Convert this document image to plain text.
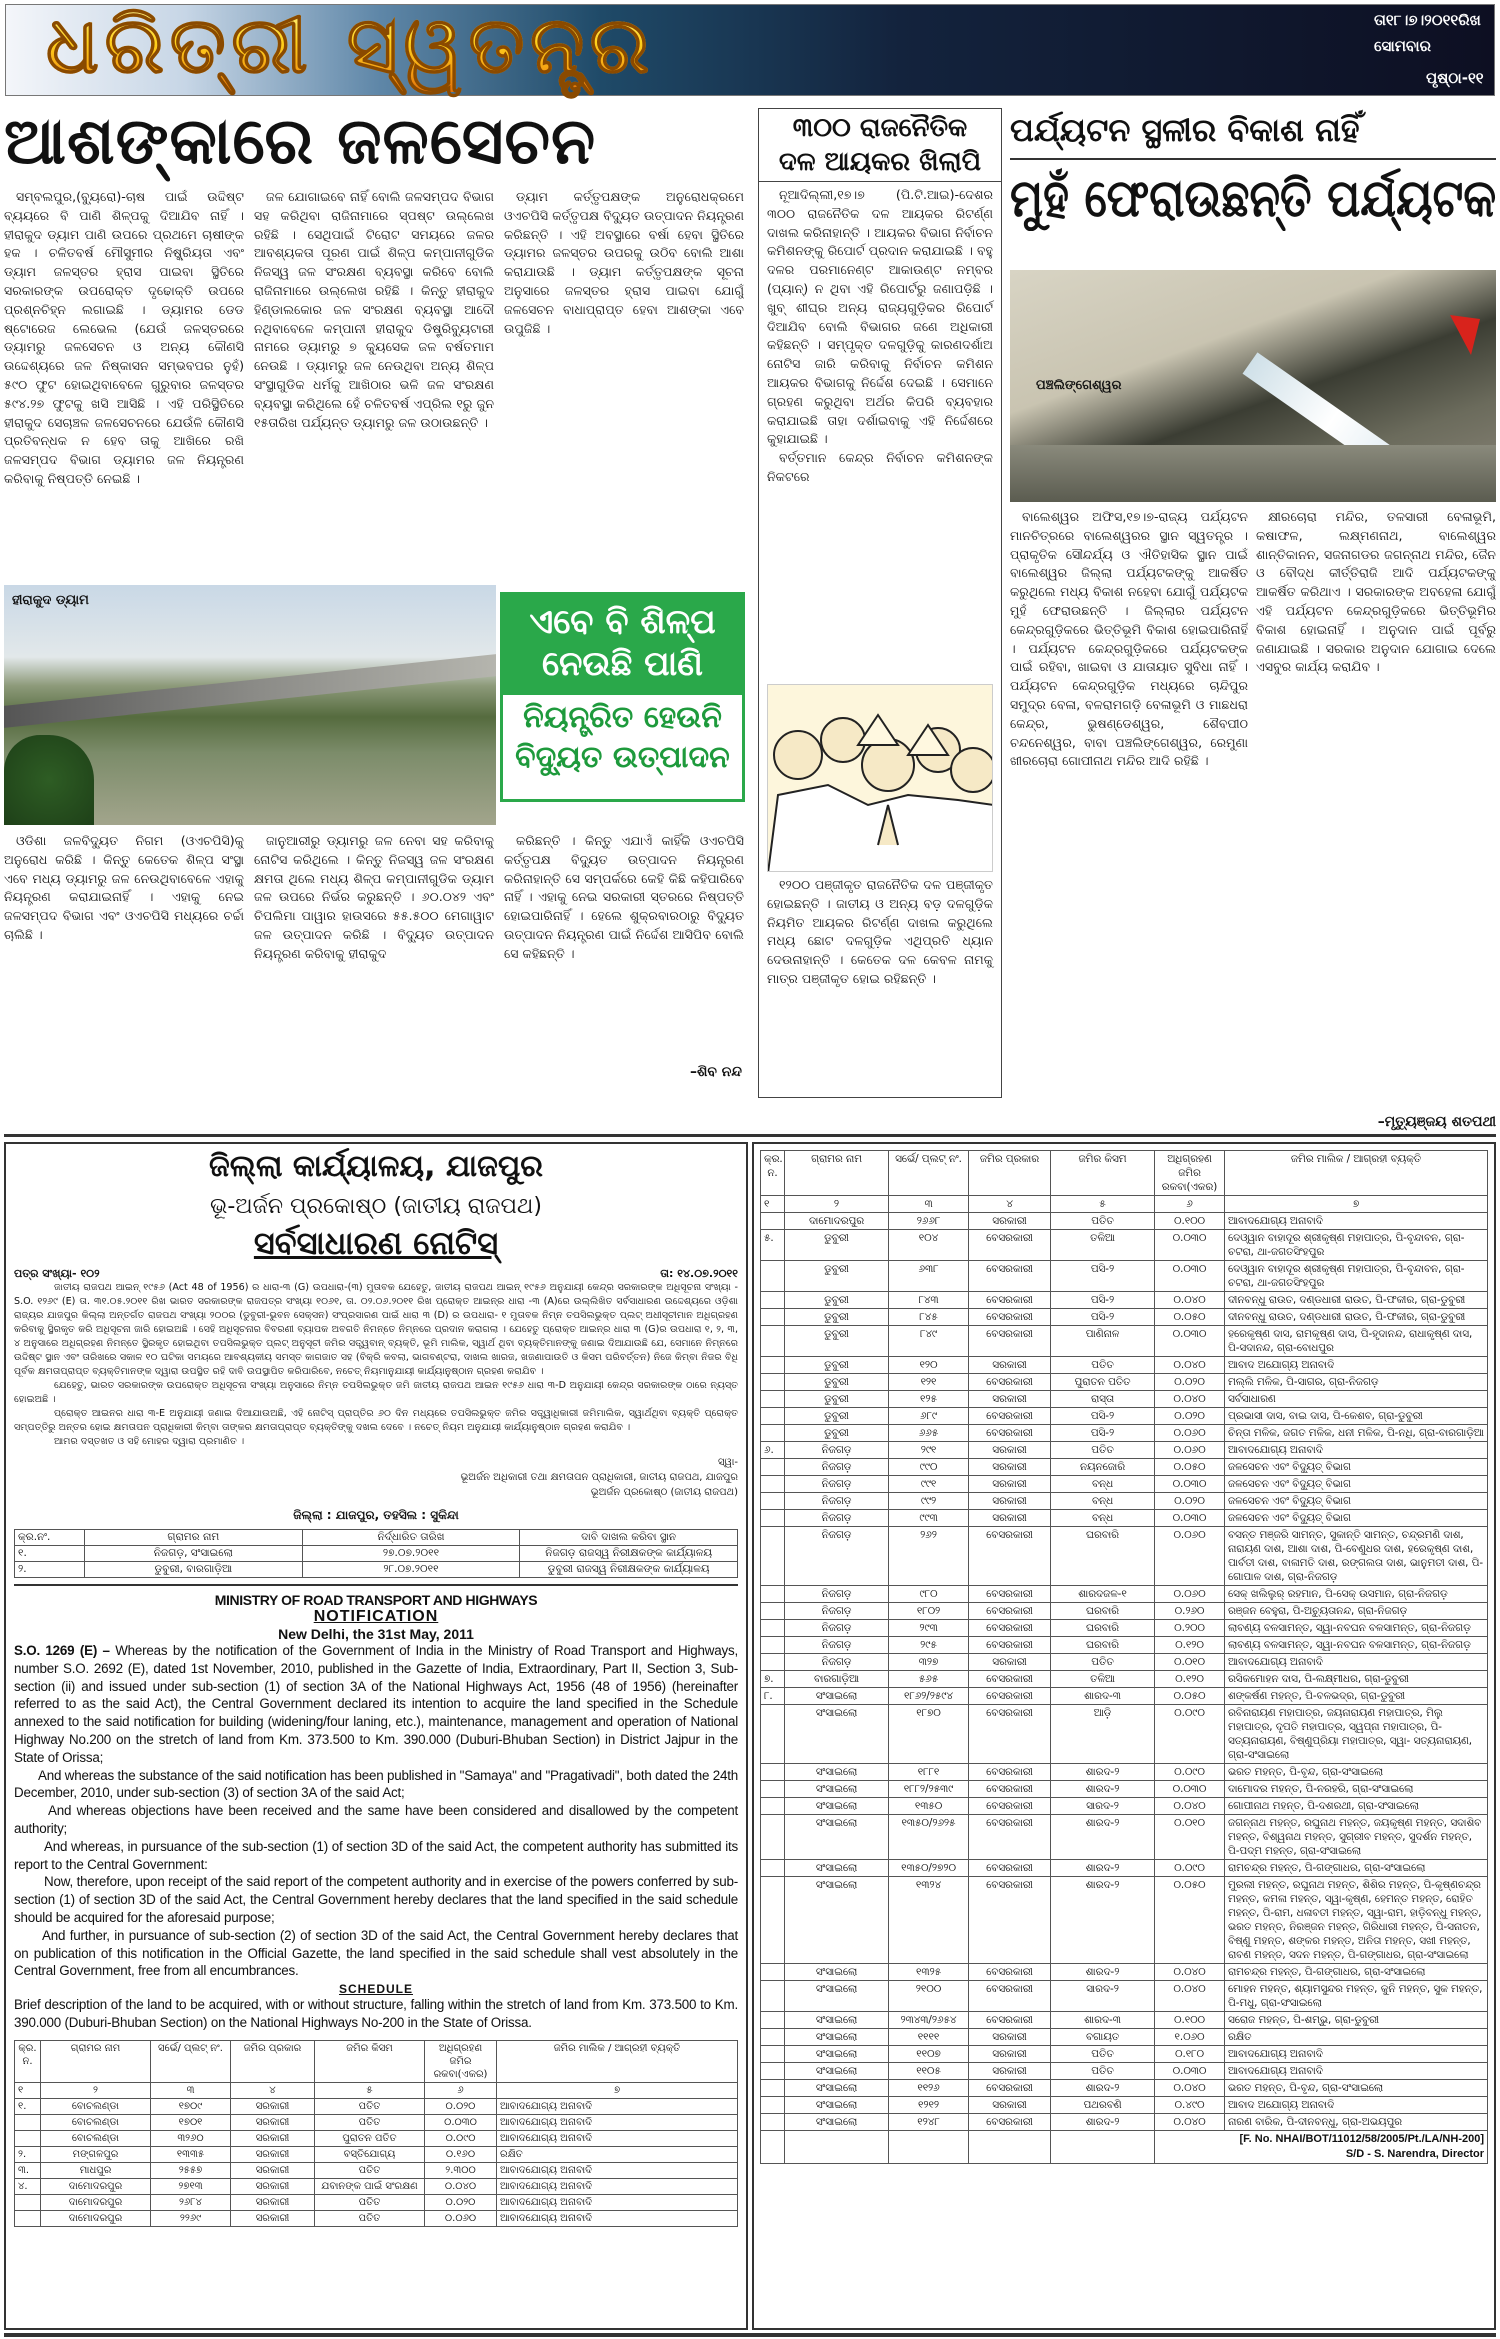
ଧରିତ୍ରୀ ସ୍ୱତନ୍ତ୍ର	ତା୧୮।୭।୨୦୧୧ରିଖ
ସୋମବାର
ପୃଷ୍ଠା-୧୧
ଆଶଙ୍କାରେ ଜଳସେଚନ

ସମ୍ବଲପୁର,(ବ୍ୟୁରୋ)-ଚାଷ ପାଇଁ ଉଦ୍ଦିଷ୍ଟ ବ୍ୟୟରେ ବି ପାଣି ଶିଳ୍ପକୁ ଦିଆଯିବ ନାହିଁ । ହୀରାକୁଦ ଡ୍ୟାମ ପାଣି ଉପରେ ପ୍ରଥମେ ଚାଷୀଙ୍କ ହକ । ଚଳିତବର୍ଷ ମୌସୁମୀର ନିଷ୍କ୍ରିୟତା ଏବଂ ଡ୍ୟାମ ଜଳସ୍ତର ହ୍ରାସ ପାଇବା ସ୍ଥିତିରେ ସରକାରଙ୍କ ଉପରୋକ୍ତ ଦୃଢୋକ୍ତି ଉପରେ ପ୍ରଶ୍ନଚିହ୍ନ ଲଗାଇଛି । ଡ୍ୟାମର ଡେଡ ଷ୍ଟୋରେଜ ଲେଭେଲ (ଯେଉଁ ଜଳସ୍ତରରେ ଡ୍ୟାମରୁ ଜଳସେଚନ ଓ ଅନ୍ୟ କୌଣସି ଉଦ୍ଦେଶ୍ୟରେ ଜଳ ନିଷ୍କାସନ ସମ୍ଭବପର ନୁହଁ) ୫୯୦ ଫୁଟ ହୋଇଥିବାବେଳେ ଗୁରୁବାର ଜଳସ୍ତର ୫୯୪.୨୭ ଫୁଟକୁ ଖସି ଆସିଛି । ଏହି ପରିସ୍ଥିତିରେ ହୀରାକୁଦ ସେଚାଞ୍ଚଳ ଜଳସେଚନରେ ଯେଉଁଳି କୌଣସି ପ୍ରତିବନ୍ଧକ ନ ହେବ ତାକୁ ଆଖିରେ ରଖି ଜଳସମ୍ପଦ ବିଭାଗ ଡ୍ୟାମର ଜଳ ନିୟନ୍ତ୍ରଣ କରିବାକୁ ନିଷ୍ପତ୍ତି ନେଇଛି ।

ଜଳ ଯୋଗାଇବେ ନାହିଁ ବୋଲି ଜଳସମ୍ପଦ ବିଭାଗ ସହ କରିଥିବା ରାଜିନାମାରେ ସ୍ପଷ୍ଟ ଉଲ୍ଲେଖ ରହିଛି । ସେଥିପାଇଁ ଟିରୋଟ ସମୟରେ ଜଳର ଆବଶ୍ୟକତା ପୂରଣ ପାଇଁ ଶିଳ୍ପ କମ୍ପାନୀଗୁଡିକ ନିଜସ୍ୱ ଜଳ ସଂରକ୍ଷଣ ବ୍ୟବସ୍ଥା କରିବେ ବୋଲି ରାଜିନାମାରେ ଉଲ୍ଲେଖ ରହିଛି । କିନ୍ତୁ ହୀରାକୁଦ ହିଣ୍ଡାଲକୋର ଜଳ ସଂରକ୍ଷଣ ବ୍ୟବସ୍ଥା ଆଦୌ ନଥିବାବେଳେ କମ୍ପାନୀ ହୀରାକୁଦ ଡିଷ୍ଟ୍ରିବ୍ୟୁଟାରୀ ନାମରେ ଡ୍ୟାମରୁ ୭ କ୍ୟୁସେକ ଜଳ ବର୍ଷତମାମ ନେଉଛି । ଡ୍ୟାମରୁ ଜଳ ନେଉଥିବା ଅନ୍ୟ ଶିଳ୍ପ ସଂସ୍ଥାଗୁଡିକ ଧର୍ମକୁ ଆଖିଠାର ଭଳି ଜଳ ସଂରକ୍ଷଣ ବ୍ୟବସ୍ଥା କରିଥିଲେ ହେଁ ଚଳିତବର୍ଷ ଏପ୍ରିଲ ୧ରୁ ଜୁନ ୧୫ତାରିଖ ପର୍ଯ୍ୟନ୍ତ ଡ୍ୟାମରୁ ଜଳ ଉଠାଉଛନ୍ତି ।

ଡ୍ୟାମ କର୍ତ୍ତୃପକ୍ଷଙ୍କ ଅନୁରୋଧକ୍ରମେ ଓଏଚପିସି କର୍ତ୍ତୃପକ୍ଷ ବିଦ୍ୟୁତ ଉତ୍ପାଦନ ନିୟନ୍ତ୍ରଣ କରିଛନ୍ତି । ଏହି ଅବସ୍ଥାରେ ବର୍ଷା ହେବା ସ୍ଥିତିରେ ଡ୍ୟାମର ଜଳସ୍ତର ଉପରକୁ ଉଠିବ ବୋଲି ଆଶା କରାଯାଉଛି । ଡ୍ୟାମ କର୍ତ୍ତୃପକ୍ଷଙ୍କ ସୂଚନା ଅନୁସାରେ ଜଳସ୍ତର ହ୍ରାସ ପାଇବା ଯୋଗୁଁ ଜଳସେଚନ ବାଧାପ୍ରାପ୍ତ ହେବା ଆଶଙ୍କା ଏବେ ଉପୁଜିଛି ।

ହୀରାକୁଦ ଡ୍ୟାମ
ଏବେ ବି ଶିଳ୍ପ
ନେଉଛି ପାଣି
ନିୟନ୍ତ୍ରିତ ହେଉନି
ବିଦ୍ୟୁତ ଉତ୍ପାଦନ

ଓଡିଶା ଜଳବିଦ୍ୟୁତ ନିଗମ (ଓଏଚପିସି)କୁ ଅନୁରୋଧ କରିଛି । କିନ୍ତୁ କେତେକ ଶିଳ୍ପ ସଂସ୍ଥା ଏବେ ମଧ୍ୟ ଡ୍ୟାମରୁ ଜଳ ନେଉଥିବାବେଳେ ଏହାକୁ ନିୟନ୍ତ୍ରଣ କରାଯାଇନାହିଁ । ଏହାକୁ ନେଇ ଜଳସମ୍ପଦ ବିଭାଗ ଏବଂ ଓଏଚପିସି ମଧ୍ୟରେ ଚର୍ଚ୍ଚା ଚାଲିଛି ।

ଜାନୁଆରୀରୁ ଡ୍ୟାମରୁ ଜଳ ନେବା ସହ କରିବାକୁ ନୋଟିସ କରିଥିଲେ । କିନ୍ତୁ ନିଜସ୍ୱ ଜଳ ସଂରକ୍ଷଣ କ୍ଷମତା ଥିଲେ ମଧ୍ୟ ଶିଳ୍ପ କମ୍ପାନୀଗୁଡିକ ଡ୍ୟାମ ଜଳ ଉପରେ ନିର୍ଭର କରୁଛନ୍ତି । ୬୦.୦୪୨ ଏବଂ ଚିପଲିମା ପାୱାର ହାଉସରେ ୫୫.୫୦୦ ମେଗାୱାଟ ଜଳ ଉତ୍ପାଦନ କରିଛି । ବିଦ୍ୟୁତ ଉତ୍ପାଦନ ନିୟନ୍ତ୍ରଣ କରିବାକୁ ହୀରାକୁଦ

କରିଛନ୍ତି । କିନ୍ତୁ ଏଯାଏଁ କାହିଁକି ଓଏଚପିସି କର୍ତ୍ତୃପକ୍ଷ ବିଦ୍ୟୁତ ଉତ୍ପାଦନ ନିୟନ୍ତ୍ରଣ କରିନାହାନ୍ତି ସେ ସମ୍ପର୍କରେ କେହି କିଛି କହିପାରିବେ ନାହିଁ । ଏହାକୁ ନେଇ ସରକାରୀ ସ୍ତରରେ ନିଷ୍ପତ୍ତି ହୋଇପାରିନାହିଁ । ହେଲେ ଶୁକ୍ରବାରଠାରୁ ବିଦ୍ୟୁତ ଉତ୍ପାଦନ ନିୟନ୍ତ୍ରଣ ପାଇଁ ନିର୍ଦ୍ଦେଶ ଆସିପିବ ବୋଲି ସେ କହିଛନ୍ତି ।

–ଶିବ ନନ୍ଦ
୩୦୦ ରାଜନୈତିକ
ଦଳ ଆୟକର ଖିଲାପି

ନୂଆଦିଲ୍ଲୀ,୧୭।୭ (ପି.ଟି.ଆଇ)-ଦେଶର ୩୦୦ ରାଜନୈତିକ ଦଳ ଆୟକର ରିଟର୍ଣ୍ଣ ଦାଖଲ କରିନାହାନ୍ତି । ଆୟକର ବିଭାଗ ନିର୍ବାଚନ କମିଶନଙ୍କୁ ରିପୋର୍ଟ ପ୍ରଦାନ କରାଯାଇଛି । ବହୁ ଦଳର ପରମାନେଣ୍ଟ ଆକାଉଣ୍ଟ ନମ୍ବର (ପ୍ୟାନ୍) ନ ଥିବା ଏହି ରିପୋର୍ଟରୁ ଜଣାପଡ଼ିଛି । ଖୁବ୍ ଶୀଘ୍ର ଅନ୍ୟ ରାଜ୍ୟଗୁଡ଼ିକର ରିପୋର୍ଟ ଦିଆଯିବ ବୋଲି ବିଭାଗର ଜଣେ ଅଧିକାରୀ କହିଛନ୍ତି । ସମ୍ପୃକ୍ତ ଦଳଗୁଡ଼ିକୁ କାରଣଦର୍ଶାଅ ନୋଟିସ ଜାରି କରିବାକୁ ନିର୍ବାଚନ କମିଶନ ଆୟକର ବିଭାଗକୁ ନିର୍ଦ୍ଦେଶ ଦେଇଛି । ସେମାନେ ଗ୍ରହଣ କରୁଥିବା ଅର୍ଥର କିପରି ବ୍ୟବହାର କରାଯାଇଛି ତାହା ଦର୍ଶାଇବାକୁ ଏହି ନିର୍ଦ୍ଦେଶରେ କୁହାଯାଇଛି ।

ବର୍ତ୍ତମାନ କେନ୍ଦ୍ର ନିର୍ବାଚନ କମିଶନଙ୍କ ନିକଟରେ

୧୨୦୦ ପଞ୍ଜୀକୃତ ରାଜନୈତିକ ଦଳ ପଞ୍ଜୀକୃତ ହୋଇଛନ୍ତି । ଜାତୀୟ ଓ ଅନ୍ୟ ବଡ଼ ଦଳଗୁଡ଼ିକ ନିୟମିତ ଆୟକର ରିଟର୍ଣ୍ଣ ଦାଖଲ କରୁଥିଲେ ମଧ୍ୟ ଛୋଟ ଦଳଗୁଡ଼ିକ ଏଥିପ୍ରତି ଧ୍ୟାନ ଦେଉନାହାନ୍ତି । କେତେକ ଦଳ କେବଳ ନାମକୁ ମାତ୍ର ପଞ୍ଜୀକୃତ ହୋଇ ରହିଛନ୍ତି ।

ପର୍ଯ୍ୟଟନ ସ୍ଥଳୀର ବିକାଶ ନାହିଁ
ମୁହଁ ଫେରାଉଛନ୍ତି ପର୍ଯ୍ୟଟକ
ପଞ୍ଚଲିଙ୍ଗେଶ୍ୱର

ବାଲେଶ୍ୱର ଅଫିସ,୧୭।୭-ରାଜ୍ୟ ପର୍ଯ୍ୟଟନ ମାନଚିତ୍ରରେ ବାଲେଶ୍ୱରର ସ୍ଥାନ ସ୍ୱତନ୍ତ୍ର । ପ୍ରାକୃତିକ ସୌନ୍ଦର୍ଯ୍ୟ ଓ ଐତିହାସିକ ସ୍ଥାନ ପାଇଁ ବାଲେଶ୍ୱର ଜିଲ୍ଲା ପର୍ଯ୍ୟଟକଙ୍କୁ ଆକର୍ଷିତ କରୁଥିଲେ ମଧ୍ୟ ବିକାଶ ନହେବା ଯୋଗୁଁ ପର୍ଯ୍ୟଟକ ମୁହଁ ଫେରାଉଛନ୍ତି । ଜିଲ୍ଲାର ପର୍ଯ୍ୟଟନ କେନ୍ଦ୍ରଗୁଡ଼ିକରେ ଭିତ୍ତିଭୂମି ବିକାଶ ହୋଇପାରିନାହିଁ । ପର୍ଯ୍ୟଟନ କେନ୍ଦ୍ରଗୁଡ଼ିକରେ ପର୍ଯ୍ୟଟକଙ୍କ ପାଇଁ ରହିବା, ଖାଇବା ଓ ଯାତାୟାତ ସୁବିଧା ନାହିଁ । ପର୍ଯ୍ୟଟନ କେନ୍ଦ୍ରଗୁଡ଼ିକ ମଧ୍ୟରେ ଚାନ୍ଦିପୁର ସମୁଦ୍ର ବେଳା, ବଳରାମଗଡ଼ି ବେଳାଭୂମି ଓ ମାଛଧରା କେନ୍ଦ୍ର, ଭୁଷଣ୍ଡେଶ୍ୱର, ଶୈବପୀଠ ଚନ୍ଦନେଶ୍ୱର, ବାବା ପଞ୍ଚଲିଙ୍ଗେଶ୍ୱର, ରେମୁଣା ଖୀରଚୋରା ଗୋପୀନାଥ ମନ୍ଦିର ଆଦି ରହିଛି ।

କ୍ଷୀରଚୋରା ମନ୍ଦିର, ତଳସାରୀ ବେଳାଭୂମି, କଷାଫଳ, ଲକ୍ଷ୍ମଣନାଥ, ବାଲେଶ୍ୱର ଶାନ୍ତିକାନନ, ସଜନାଗଡର ଜଗନ୍ନାଥ ମନ୍ଦିର, ଜୈନ ଓ ବୌଦ୍ଧ କୀର୍ତ୍ତିରାଜି ଆଦି ପର୍ଯ୍ୟଟକଙ୍କୁ ଆକର୍ଷିତ କରିଥାଏ । ସରକାରଙ୍କ ଅବହେଳା ଯୋଗୁଁ ଏହି ପର୍ଯ୍ୟଟନ କେନ୍ଦ୍ରଗୁଡ଼ିକରେ ଭିତ୍ତିଭୂମିର ବିକାଶ ହୋଇନାହିଁ । ଅନୁଦାନ ପାଇଁ ପୂର୍ବରୁ ଜଣାଯାଇଛି । ସରକାର ଅନୁଦାନ ଯୋଗାଇ ଦେଲେ ଏସବୁର କାର୍ଯ୍ୟ କରାଯିବ ।

–ମୃତ୍ୟୁଞ୍ଜୟ ଶତପଥୀ
ଜିଲ୍ଲା କାର୍ଯ୍ୟାଳୟ, ଯାଜପୁର
ଭୂ-ଅର୍ଜନ ପ୍ରକୋଷ୍ଠ (ଜାତୀୟ ରାଜପଥ)
ସର୍ବସାଧାରଣ ନୋଟିସ୍
ପତ୍ର ସଂଖ୍ୟା- ୧୦୨	ତା: ୧୪.୦୭.୨୦୧୧

ଜାତୀୟ ରାଜପଥ ଆଇନ୍ ୧୯୫୬ (Act 48 of 1956) ର ଧାରା-୩ (G) ଉପଧାରା-(୩) ମୁତାବକ ଯେହେତୁ, ଜାତୀୟ ରାଜପଥ ଆଇନ୍ ୧୯୫୬ ଅନୁଯାୟୀ କେନ୍ଦ୍ର ସରକାରଙ୍କ ଅଧିସୂଚନା ସଂଖ୍ୟା - S.O. ୧୨୬୯ (E) ତା. ୩୧.୦୫.୨୦୧୧ ରିଖ ଭାରତ ସରକାରଙ୍କ ରାଜପତ୍ର ସଂଖ୍ୟା ୧୦୬୧, ତା. ୦୨.୦୬.୨୦୧୧ ରିଖ ପ୍ରୋକ୍ତ ଆଇନ୍‌ର ଧାରା -୩ (A)ରେ ଉଲ୍ଲିଖିତ ସର୍ବସାଧାରଣ ଉଦ୍ଦେଶ୍ୟରେ ଓଡ଼ିଶା ରାଜ୍ୟର ଯାଜପୁର କିଲ୍ଲା ଅନ୍ତର୍ଗତ ରାଜପଥ ସଂଖ୍ୟା ୨୦୦ର (ଡୁବୁରୀ-ଭୁବନ ସେକ୍‌ସନ) ସଂପ୍ରସାରଣ ପାଇଁ ଧାରା ୩ (D) ର ଉପଧାରା- ୧ ମୁତାବକ ନିମ୍ନ ତପସିଲଭୁକ୍ତ ପ୍ଲଟ୍ ଅଧୀସୂଚୀମାନ ଅଧିଗ୍ରହଣ କରିବାକୁ ସ୍ଥିରକୃତ କରି ଅଧିସୂଚନା ଜାରି ହୋଇଅଛି । ସେହି ଅଧିସୂଚନାର ବିବରଣୀ ବ୍ୟାପକ ଅବଗତି ନିମନ୍ତେ ନିମ୍ନରେ ପ୍ରଦାନ କରାଗଲା । ଯେହେତୁ ପ୍ରୋକ୍ତ ଆଇନ୍‌ର ଧାରା ୩ (G)ର ଉପଧାରା ୧, ୨, ୩, ୪ ଅନୁସାରେ ଅଧିଗ୍ରହଣ ନିମନ୍ତେ ସ୍ଥିରକୃତ ହୋଇଥିବା ତପସିଲଭୁକ୍ତ ପ୍ଲଟ୍ ଅନୁସୂଚୀ ଜମିର ସତ୍ତ୍ୱବାନ୍ ବ୍ୟକ୍ତି, ଭୂମି ମାଲିକ, ସ୍ୱାର୍ଥ ଥିବା ବ୍ୟକ୍ତିମାନଙ୍କୁ ଜଣାଇ ଦିଆଯାଉଛି ଯେ, ସେମାନେ ନିମ୍ନରେ ଉଦ୍ଦିଷ୍ଟ ସ୍ଥାନ ଏବଂ ତାରିଖରେ ସକାଳ ୧୦ ଘଟିକା ସମୟରେ ଆବଶ୍ୟକୀୟ ସମସ୍ତ କାଗଜାତ ସହ (ବିକ୍ରି କବଲା, ଭାଗବଣ୍ଟରା, ଦାଖଲ ଖାରଜ, ଖଜଣାପାଉତି ଓ କିସମ ପରିବର୍ତ୍ତନ) ନିଜେ କିମ୍ବା ନିଜର ବିଧି ପୂର୍ବକ କ୍ଷମତାପ୍ରାପ୍ତ ବ୍ୟକ୍ତିମାନଙ୍କ ଦ୍ୱାରା ଉପସ୍ଥିତ ରହି ଦାବି ଉପସ୍ଥାପିତ କରିପାରିବେ, ନଚେତ୍ ନିୟମାନୁଯାୟୀ କାର୍ଯ୍ୟାନୁଷ୍ଠାନ ଗ୍ରହଣ କରାଯିବ ।

ଯେହେତୁ, ଭାରତ ସରକାରଙ୍କ ଉପରୋକ୍ତ ଅଧିସୂଚନା ସଂଖ୍ୟା ଅନୁସାରେ ନିମ୍ନ ତପସିଲଭୁକ୍ତ ଜମି ଜାତୀୟ ରାଜପଥ ଆଇନ ୧୯୫୬ ଧାରା ୩-D ଅନୁଯାୟୀ କେନ୍ଦ୍ର ସରକାରଙ୍କ ଠାରେ ନ୍ୟସ୍ତ ହୋଇଅଛି ।

ପ୍ରୋକ୍ତ ଆଇନର ଧାରା ୩-E ଅନୁଯାୟୀ ଜଣାଇ ଦିଆଯାଉଅଛି, ଏହି ନୋଟିସ୍ ପ୍ରାପ୍ତିର ୬୦ ଦିନ ମଧ୍ୟରେ ତପସିଲଭୁକ୍ତ ଜମିର ସତ୍ତ୍ୱାଧିକାରୀ ଜମିମାଲିକ, ସ୍ୱାର୍ଥଥିବା ବ୍ୟକ୍ତି ପ୍ରୋକ୍ତ ସମ୍ପତ୍ତିରୁ ଅନ୍ତର ହୋଇ କ୍ଷମତାପନ ପ୍ରାଧିକାରୀ କିମ୍ବା ତାଙ୍କର କ୍ଷମତାପ୍ରାପ୍ତ ବ୍ୟକ୍ତିଙ୍କୁ ଦଖଲ ଦେବେ । ନଚେତ୍ ନିୟମ ଅନୁଯାୟୀ କାର୍ଯ୍ୟାନୁଷ୍ଠାନ ଗ୍ରହଣ କରାଯିବ ।

ଆମର ଦସ୍ତଖତ ଓ ସହି ମୋହର ଦ୍ୱାରା ପ୍ରମାଣିତ ।

ସ୍ୱା-
ଭୂଅର୍ଜନ ଅଧିକାରୀ ତଥା କ୍ଷମତାପନ ପ୍ରାଧିକାରୀ, ଜାତୀୟ ରାଜପଥ, ଯାଜପୁର
ଭୂଅର୍ଜନ ପ୍ରକୋଷ୍ଠ (ଜାତୀୟ ରାଜପଥ)
ଜିଲ୍ଲା : ଯାଜପୁର, ତହସିଲ : ସୁକିନ୍ଦା
କ୍ର.ନଂ.	ଗ୍ରାମର ନାମ	ନିର୍ଦ୍ଧାରିତ ତାରିଖ	ଦାବି ଦାଖଲ କରିବା ସ୍ଥାନ
୧.	ନିଜଗଡ଼, ସଂସାଇଲୋ	୨୭.୦୭.୨୦୧୧	ନିଜଗଡ଼ ରାଜସ୍ୱ ନିରୀକ୍ଷକଙ୍କ କାର୍ଯ୍ୟାଳୟ
୨.	ଡୁବୁରୀ, ବାରଗାଡ଼ିଆ	୨୮.୦୭.୨୦୧୧	ଡୁବୁରୀ ରାଜସ୍ୱ ନିରୀକ୍ଷକଙ୍କ କାର୍ଯ୍ୟାଳୟ
MINISTRY OF ROAD TRANSPORT AND HIGHWAYS
NOTIFICATION
New Delhi, the 31st May, 2011

S.O. 1269 (E) – Whereas by the notification of the Government of India in the Ministry of Road Transport and Highways, number S.O. 2692 (E), dated 1st November, 2010, published in the Gazette of India, Extraordinary, Part II, Section 3, Sub-section (ii) and issued under sub-section (1) of section 3A of the National Highways Act, 1956 (48 of 1956) (hereinafter referred to as the said Act), the Central Government declared its intention to acquire the land specified in the Schedule annexed to the said notification for building (widening/four laning, etc.), maintenance, management and operation of National Highway No.200 on the stretch of land from Km. 373.500 to Km. 390.000 (Duburi-Bhuban Section) in District Jajpur in the State of Orissa;

And whereas the substance of the said notification has been published in "Samaya" and "Pragativadi", both dated the 24th December, 2010, under sub-section (3) of section 3A of the said Act;

And whereas objections have been received and the same have been considered and disallowed by the competent authority;

And whereas, in pursuance of the sub-section (1) of section 3D of the said Act, the competent authority has submitted its report to the Central Government:

Now, therefore, upon receipt of the said report of the competent authority and in exercise of the powers conferred by sub-section (1) of section 3D of the said Act, the Central Government hereby declares that the land specified in the said schedule should be acquired for the aforesaid purpose;

And further, in pursuance of sub-section (2) of section 3D of the said Act, the Central Government hereby declares that on publication of this notification in the Official Gazette, the land specified in the said schedule shall vest absolutely in the Central Government, free from all encumbrances.

SCHEDULE
Brief description of the land to be acquired, with or without structure, falling within the stretch of land from Km. 373.500 to Km. 390.000 (Duburi-Bhuban Section) on the National Highways No-200 in the State of Orissa.
କ୍ର. ନ.	ଗ୍ରାମର ନାମ	ସର୍ଭେ/ ପ୍ଲଟ୍ ନଂ.	ଜମିର ପ୍ରକାର	ଜମିର କିସମ	ଅଧିଗ୍ରହଣ ଜମିର ରକବା(ଏକର)	ଜମିର ମାଲିକ / ଆଗ୍ରହୀ ବ୍ୟକ୍ତି
୧	୨	୩	୪	୫	୬	୭
୧.	ବୋଚଲଣ୍ଡା	୧୭୦୯	ସରକାରୀ	ପତିତ	୦.୦୨୦	ଆବାଦଯୋଗ୍ୟ ଅନାବାଦି
	ବୋଚଲଣ୍ଡା	୧୭୦୧	ସରକାରୀ	ପତିତ	୦.୦୩୦	ଆବାଦଯୋଗ୍ୟ ଅନାବାଦି
	ବୋଚଲଣ୍ଡା	୩୨୬୦	ସରକାରୀ	ପୁରାତନ ପତିତ	୦.୦୯୦	ଆବାଦଯୋଗ୍ୟ ଅନାବାଦି
୨.	ମଙ୍ଗଳପୁର	୧୩୩୫	ସରକାରୀ	ବସ୍ତିଯୋଗ୍ୟ	୦.୧୬୦	ରକ୍ଷିତ
୩.	ମାଧପୁର	୨୫୫୭	ସରକାରୀ	ପତିତ	୨.୩୦୦	ଆବାଦଯୋଗ୍ୟ ଅନାବାଦି
୪.	ଦାମୋଦରପୁର	୨୭୧୩	ସରକାରୀ	ଯବାନଙ୍କ ପାଇଁ ସଂରକ୍ଷଣ	୦.୦୪୦	ଆବାଦଯୋଗ୍ୟ ଅନାବାଦି
	ଦାମୋଦରପୁର	୨୬୮୪	ସରକାରୀ	ପତିତ	୦.୦୨୦	ଆବାଦଯୋଗ୍ୟ ଅନାବାଦି
	ଦାମୋଦରପୁର	୨୨୬୯	ସରକାରୀ	ପତିତ	୦.୦୬୦	ଆବାଦଯୋଗ୍ୟ ଅନାବାଦି
କ୍ର. ନ.	ଗ୍ରାମର ନାମ	ସର୍ଭେ/ ପ୍ଲଟ୍ ନଂ.	ଜମିର ପ୍ରକାର	ଜମିର କିସମ	ଅଧିଗ୍ରହଣ ଜମିର ରକବା(ଏକର)	ଜମିର ମାଲିକ / ଆଗ୍ରହୀ ବ୍ୟକ୍ତି
୧	୨	୩	୪	୫	୬	୭
	ଦାମୋଦରପୁର	୨୬୬୮	ସରକାରୀ	ପତିତ	୦.୧୦୦	ଆବାଦଯୋଗ୍ୟ ଅନାବାଦି
୫.	ଡୁବୁରୀ	୧୦୪	ବେସରକାରୀ	ତଳିଆ	୦.୦୩୦	ଦେଓ୍ୱାନ ବାହାଦୂର ଶ୍ରୀକୃଷ୍ଣ ମହାପାତ୍ର, ପି-ବୃନ୍ଦାବନ, ଗ୍ରା-ଚଟରା, ଥା-ଜଗତସିଂହପୁର
	ଡୁବୁରୀ	୬୩୮	ବେସରକାରୀ	ପସି-୨	୦.୦୩୦	ଦେଓ୍ୱାନ ବାହାଦୂର ଶ୍ରୀକୃଷ୍ଣ ମହାପାତ୍ର, ପି-ବୃନ୍ଦାବନ, ଗ୍ରା-ଚଟରା, ଥା-ଜଗତସିଂହପୁର
	ଡୁବୁରୀ	୮୪୩	ବେସରକାରୀ	ପସି-୨	୦.୦୪୦	ଦୀନବନ୍ଧୁ ରାଉତ, ଦଣ୍ଡଧାରୀ ରାଉତ, ପି-ଫକୀର, ଗ୍ରା-ଡୁବୁରୀ
	ଡୁବୁରୀ	୮୪୫	ବେସରକାରୀ	ପସି-୨	୦.୦୫୦	ଦୀନବନ୍ଧୁ ରାଉତ, ଦଣ୍ଡଧାରୀ ରାଉତ, ପି-ଫକୀର, ଗ୍ରା-ଡୁବୁରୀ
	ଡୁବୁରୀ	୮୪୯	ବେସରକାରୀ	ପାଣିନାଳ	୦.୦୩୦	ହରେକୃଷ୍ଣ ଦାସ, ରାମକୃଷ୍ଣ ଦାସ, ପି-ହୃଦାନନ୍ଦ, ରାଧାକୃଷ୍ଣ ଦାସ, ପି-ସଦାନନ୍ଦ, ଗ୍ରା-ବୋଧପୁର
	ଡୁବୁରୀ	୧୨୦	ସରକାରୀ	ପତିତ	୦.୦୪୦	ଆବାଦ ଅଯୋଗ୍ୟ ଅନାବାଦି
	ଡୁବୁରୀ	୧୨୧	ବେସରକାରୀ	ପୁରାତନ ପତିତ	୦.୦୨୦	ମଲ୍ଲି ମଳିକ, ପି-ସାଗର, ଗ୍ରା-ନିଜଗଡ଼
	ଡୁବୁରୀ	୧୨୫	ସରକାରୀ	ରାସ୍ତା	୦.୦୪୦	ସର୍ବସାଧାରଣ
	ଡୁବୁରୀ	୬୮୯	ବେସରକାରୀ	ପସି-୨	୦.୦୨୦	ପ୍ରଭାସୀ ଦାସ, ବାଇ ଦାସ, ପି-କେଶବ, ଗ୍ରା-ଡୁବୁରୀ
	ଡୁବୁରୀ	୬୬୫	ବେସରକାରୀ	ପସି-୨	୦.୦୬୦	ଚିନ୍ତା ମଳିକ, ଜଗତ ମଳିକ, ଧନୀ ମଳିକ, ପି-ନଧି, ଗ୍ରା-ବାରଗାଡ଼ିଆ
୬.	ନିଜଗଡ଼	୨୯୧	ସରକାରୀ	ପତିତ	୦.୦୬୦	ଆବାଦଯୋଗ୍ୟ ଅନାବାଦି
	ନିଜଗଡ଼	୯୯୦	ସରକାରୀ	ନୟନଜୋରି	୦.୦୫୦	ଜଳସେଚନ ଏବଂ ବିଦ୍ୟୁତ୍ ବିଭାଗ
	ନିଜଗଡ଼	୯୯୧	ସରକାରୀ	ବନ୍ଧ	୦.୦୩୦	ଜଳସେଚନ ଏବଂ ବିଦ୍ୟୁତ୍ ବିଭାଗ
	ନିଜଗଡ଼	୯୯୨	ସରକାରୀ	ବନ୍ଧ	୦.୦୨୦	ଜଳସେଚନ ଏବଂ ବିଦ୍ୟୁତ୍ ବିଭାଗ
	ନିଜଗଡ଼	୯୯୩	ସରକାରୀ	ବନ୍ଧ	୦.୦୩୦	ଜଳସେଚନ ଏବଂ ବିଦ୍ୟୁତ୍ ବିଭାଗ
	ନିଜଗଡ଼	୨୬୨	ବେସରକାରୀ	ଘରବାରି	୦.୦୬୦	ବସନ୍ତ ମଞ୍ଜରି ସାମନ୍ତ, ସୁକାନ୍ତି ସାମନ୍ତ, ଚନ୍ଦ୍ରମଣି ଦାଶ, ନାରାୟଣ ଦାଶ, ଆଶା ଦାଶ, ପି-ବେଣୁଧର ଦାଶ, ହରେକୃଷ୍ଣ ଦାଶ, ପାର୍ବତୀ ଦାଶ, ବାଳାମତି ଦାଶ, ରଙ୍ଗଲତା ଦାଶ, ଭାନୁମତୀ ଦାଶ, ପି-ଗୋପାଳ ଦାଶ, ଗ୍ରା-ନିଜଗଡ଼
	ନିଜଗଡ଼	୯୮୦	ବେସରକାରୀ	ଶାରଦଜଳ-୧	୦.୦୬୦	ସେକ୍ ଖଲିଲୁର୍ ରହମାନ, ପି-ସେକ୍ ଉସମାନ, ଗ୍ରା-ନିଜଗଡ଼
	ନିଜଗଡ଼	୧୮୦୨	ବେସରକାରୀ	ଘରବାରି	୦.୨୬୦	ରଞ୍ଜନ ବେହୁରା, ପି-ଅଚ୍ୟୁତାନନ୍ଦ, ଗ୍ରା-ନିଜଗଡ଼
	ନିଜଗଡ଼	୨୯୩	ବେସରକାରୀ	ଘରବାରି	୦.୨୦୦	ଲାବଣ୍ୟ ବଳସାମନ୍ତ, ସ୍ୱା-ନବଘନ ବଳସାମନ୍ତ, ଗ୍ରା-ନିଜଗଡ଼
	ନିଜଗଡ଼	୨୯୫	ବେସରକାରୀ	ଘରବାରି	୦.୧୨୦	ଲାବଣ୍ୟ ବଳସାମନ୍ତ, ସ୍ୱା-ନବଘନ ବଳସାମନ୍ତ, ଗ୍ରା-ନିଜଗଡ଼
	ନିଜଗଡ଼	୩୨୭	ସରକାରୀ	ପତିତ	୦.୦୧୦	ଆବାଦଯୋଗ୍ୟ ଅନାବାଦି
୭.	ବାରଗାଡ଼ିଆ	୫୬୫	ବେସରକାରୀ	ତଳିଆ	୦.୧୨୦	ରସିକମୋହନ ଦାସ, ପି-ଲକ୍ଷ୍ମୀଧର, ଗ୍ରା-ଡୁବୁରୀ
୮.	ସଂସାଇଲୋ	୧୮୬୨/୨୫୯୪	ବେସରକାରୀ	ଶାରଦ-୩	୦.୦୫୦	ଶଙ୍କର୍ଷଣ ମହନ୍ତ, ପି-ବଳଭଦ୍ର, ଗ୍ରା-ଡୁବୁରୀ
	ସଂସାଇଲୋ	୧୮୭୦	ବେସରକାରୀ	ଆଡ଼ି	୦.୦୯୦	ରବିନାରାୟଣ ମହାପାତ୍ର, ଜୟନାରାୟଣ ମହାପାତ୍ର, ମିଲୁ ମହାପାତ୍ର, ଦୃପତି ମହାପାତ୍ର, ସ୍ୱପ୍ନା ମହାପାତ୍ର, ପି- ସତ୍ୟନାରାୟଣ, ବିଷ୍ଣୁପ୍ରିୟା ମହାପାତ୍ର, ସ୍ୱା- ସତ୍ୟନାରାୟଣ, ଗ୍ରା-ସଂସାଇଲୋ
	ସଂସାଇଲୋ	୧୮୮୧	ବେସରକାରୀ	ଶାରଦ-୨	୦.୦୯୦	ଭରତ ମହନ୍ତ, ପି-ବୃନ୍ଦ, ଗ୍ରା-ସଂସାଇଲୋ
	ସଂସାଇଲୋ	୧୮୮୨/୨୫୩୯	ବେସରକାରୀ	ଶାରଦ-୨	୦.୦୩୦	ଦାମୋଦର ମହନ୍ତ, ପି-ନରହରି, ଗ୍ରା-ସଂସାଇଲୋ
	ସଂସାଇଲୋ	୧୩୫୦	ବେସରକାରୀ	ସାରଦ-୨	୦.୦୪୦	ଗୋପୀନାଥ ମହନ୍ତ, ପି-ଦଶରଥୀ, ଗ୍ରା-ସଂସାଇଲୋ
	ସଂସାଇଲୋ	୧୩୫୦/୨୬୨୫	ବେସରକାରୀ	ଶାରଦ-୨	୦.୦୧୦	ଜଗନ୍ନାଥ ମହନ୍ତ, ରଘୁନାଥ ମହନ୍ତ, ଜୟକୃଷ୍ଣ ମହନ୍ତ, ସଦାଶିବ ମହନ୍ତ, ବିଶ୍ୱନାଥ ମହନ୍ତ, ସୁଗ୍ରୀବ ମହନ୍ତ, ସୁଦର୍ଶନ ମହନ୍ତ, ପି-ପଦ୍ମ ମହନ୍ତ, ଗ୍ରା-ସଂସାଇଲୋ
	ସଂସାଇଲୋ	୧୩୫୦/୨୭୨୦	ବେସରକାରୀ	ଶାରଦ-୨	୦.୦୯୦	ରାମଚନ୍ଦ୍ର ମହନ୍ତ, ପି-ଗଙ୍ଗାଧର, ଗ୍ରା-ସଂସାଇଲୋ
	ସଂସାଇଲୋ	୧୩୨୪	ବେସରକାରୀ	ଶାରଦ-୨	୦.୦୫୦	ମୁରଲୀ ମହନ୍ତ, ରଘୁନାଥ ମହନ୍ତ, ଶିଶିର ମହନ୍ତ, ପି-କୃଷ୍ଣଚନ୍ଦ୍ର ମହନ୍ତ, କମଳା ମହନ୍ତ, ସ୍ୱା-କୃଷ୍ଣ, ହେମନ୍ତ ମହନ୍ତ, ରୋହିତ ମହନ୍ତ, ପି-ରାମ, ଧଳାବତୀ ମହନ୍ତ, ସ୍ୱା-ରାମ, ହାଡ଼ିବନ୍ଧୁ ମହନ୍ତ, ଭରତ ମହନ୍ତ, ନିରଞ୍ଜନ ମହନ୍ତ, ଗିରିଧାରୀ ମହନ୍ତ, ପି-ସନାତନ, ବିଷ୍ଣୁ ମହନ୍ତ, ଶଙ୍କର ମହନ୍ତ, ଅନିତା ମହନ୍ତ, ସଖୀ ମହନ୍ତ, ରାବଣ ମହନ୍ତ, ସଦନ ମହନ୍ତ, ପି-ଗଙ୍ଗାଧର, ଗ୍ରା-ସଂସାଇଲୋ
	ସଂସାଇଲୋ	୧୩୨୫	ବେସରକାରୀ	ଶାରଦ-୨	୦.୦୪୦	ରାମଚନ୍ଦ୍ର ମହନ୍ତ, ପି-ଗଙ୍ଗାଧର, ଗ୍ରା-ସଂସାଇଲୋ
	ସଂସାଇଲୋ	୨୧୦୦	ବେସରକାରୀ	ସାରଦ-୨	୦.୦୪୦	ମୋହନ ମହନ୍ତ, ଶ୍ୟାମସୁନ୍ଦର ମହନ୍ତ, କୁନି ମହନ୍ତ, ସୁକ ମହନ୍ତ, ପି-ମଧୁ, ଗ୍ରା-ସଂସାଇଲୋ
	ସଂସାଇଲୋ	୨୩୪୩/୨୬୫୪	ବେସରକାରୀ	ଶାରଦ-୩	୦.୧୦୦	ସରୋଜ ମହନ୍ତ, ପି-ଶମ୍ଭୁ, ଗ୍ରା-ଡୁବୁରୀ
	ସଂସାଇଲୋ	୧୧୧୧	ସରକାରୀ	ବଗାୟତ	୧.୦୬୦	ରକ୍ଷିତ
	ସଂସାଇଲୋ	୧୧୦୭	ସରକାରୀ	ପତିତ	୦.୧୮୦	ଆବାଦଯୋଗ୍ୟ ଅନାବାଦି
	ସଂସାଇଲୋ	୧୧୦୫	ସରକାରୀ	ପତିତ	୦.୦୩୦	ଆବାଦଯୋଗ୍ୟ ଅନାବାଦି
	ସଂସାଇଲୋ	୧୧୨୬	ବେସରକାରୀ	ଶାରଦ-୨	୦.୦୪୦	ଭରତ ମହନ୍ତ, ପି-ବୃନ୍ଦ, ଗ୍ରା-ସଂସାଇଲୋ
	ସଂସାଇଲୋ	୧୨୧୨	ସରକାରୀ	ପଥରବଣି	୦.୪୯୦	ଆବାଦ ଅଯୋଗ୍ୟ ଅନାବାଦି
	ସଂସାଇଲୋ	୧୨୪୮	ବେସରକାରୀ	ଶାରଦ-୨	୦.୦୪୦	ନାରଣ ବାରିକ, ପି-ଦୀନବନ୍ଧୁ, ଗ୍ରା-ଅଭୟପୁର

					[F. No. NHAI/BOT/11012/58/2005/Pt./LA/NH-200]
S/D - S. Narendra, Director	
